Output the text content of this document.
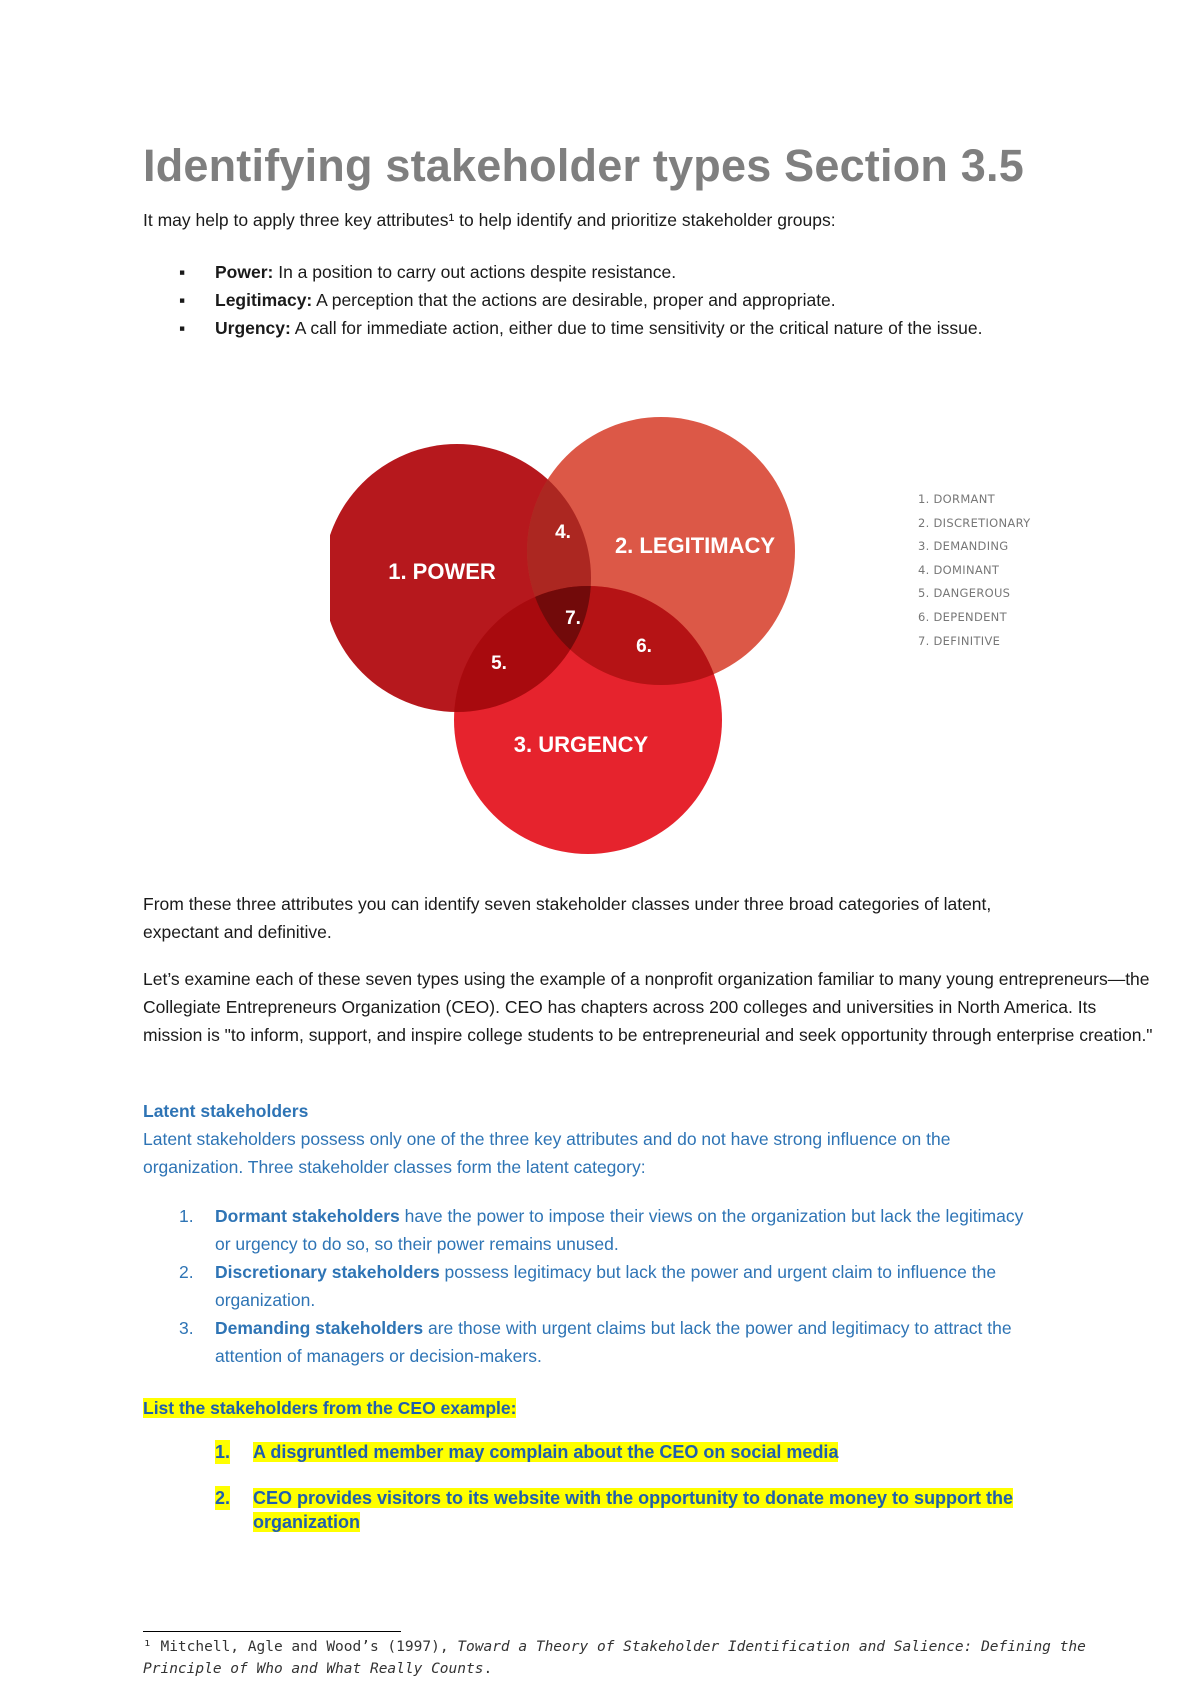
Identifying stakeholder types Section 3.5

It may help to apply three key attributes¹ to help identify and prioritize stakeholder groups:

▪ Power: In a position to carry out actions despite resistance.
▪ Legitimacy: A perception that the actions are desirable, proper and appropriate.
▪ Urgency: A call for immediate action, either due to time sensitivity or the critical nature of the issue.
1. POWER
2. LEGITIMACY
3. URGENCY
4.
5.
6.
7.
1. DORMANT
2. DISCRETIONARY
3. DEMANDING
4. DOMINANT
5. DANGEROUS
6. DEPENDENT
7. DEFINITIVE

From these three attributes you can identify seven stakeholder classes under three broad categories of latent, expectant and definitive.

Let’s examine each of these seven types using the example of a nonprofit organization familiar to many young entrepreneurs—the Collegiate Entrepreneurs Organization (CEO). CEO has chapters across 200 colleges and universities in North America. Its mission is "to inform, support, and inspire college students to be entrepreneurial and seek opportunity through enterprise creation."

Latent stakeholders

Latent stakeholders possess only one of the three key attributes and do not have strong influence on the organization. Three stakeholder classes form the latent category:

1. Dormant stakeholders have the power to impose their views on the organization but lack the legitimacy or urgency to do so, so their power remains unused.
2. Discretionary stakeholders possess legitimacy but lack the power and urgent claim to influence the organization.
3. Demanding stakeholders are those with urgent claims but lack the power and legitimacy to attract the attention of managers or decision-makers.

List the stakeholders from the CEO example:

1. A disgruntled member may complain about the CEO on social media
2. CEO provides visitors to its website with the opportunity to donate money to support the organization

¹ Mitchell, Agle and Wood’s (1997), Toward a Theory of Stakeholder Identification and Salience: Defining the Principle of Who and What Really Counts.
